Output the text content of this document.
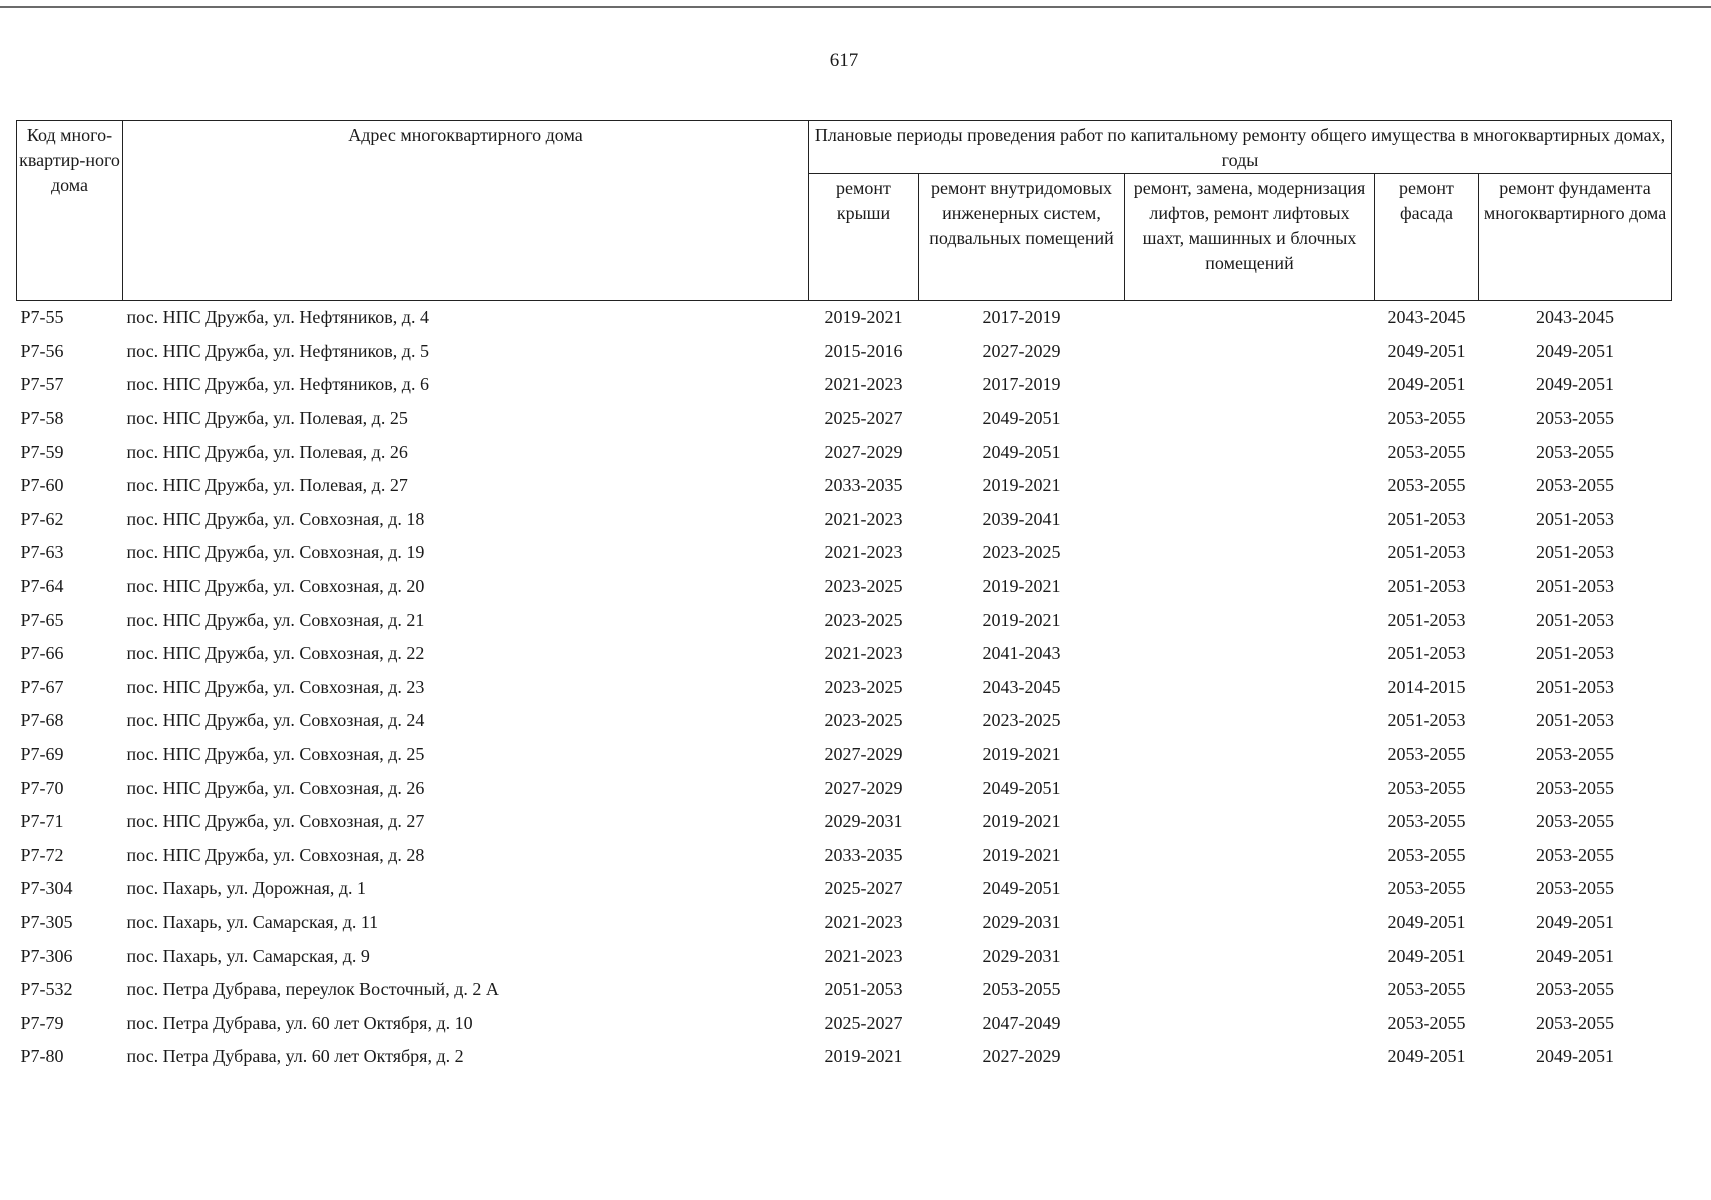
617
Код много-квартир-ного дома	Адрес многоквартирного дома	Плановые периоды проведения работ по капитальному ремонту общего имущества в многоквартирных домах, годы				
		ремонт крыши	ремонт внутридомовых инженерных систем, подвальных помещений	ремонт, замена, модернизация лифтов, ремонт лифтовых шахт, машинных и блочных помещений	ремонт фасада	ремонт фундамента многоквартирного дома
Р7-55	пос. НПС Дружба, ул. Нефтяников, д. 4	2019-2021	2017-2019		2043-2045	2043-2045
Р7-56	пос. НПС Дружба, ул. Нефтяников, д. 5	2015-2016	2027-2029		2049-2051	2049-2051
Р7-57	пос. НПС Дружба, ул. Нефтяников, д. 6	2021-2023	2017-2019		2049-2051	2049-2051
Р7-58	пос. НПС Дружба, ул. Полевая, д. 25	2025-2027	2049-2051		2053-2055	2053-2055
Р7-59	пос. НПС Дружба, ул. Полевая, д. 26	2027-2029	2049-2051		2053-2055	2053-2055
Р7-60	пос. НПС Дружба, ул. Полевая, д. 27	2033-2035	2019-2021		2053-2055	2053-2055
Р7-62	пос. НПС Дружба, ул. Совхозная, д. 18	2021-2023	2039-2041		2051-2053	2051-2053
Р7-63	пос. НПС Дружба, ул. Совхозная, д. 19	2021-2023	2023-2025		2051-2053	2051-2053
Р7-64	пос. НПС Дружба, ул. Совхозная, д. 20	2023-2025	2019-2021		2051-2053	2051-2053
Р7-65	пос. НПС Дружба, ул. Совхозная, д. 21	2023-2025	2019-2021		2051-2053	2051-2053
Р7-66	пос. НПС Дружба, ул. Совхозная, д. 22	2021-2023	2041-2043		2051-2053	2051-2053
Р7-67	пос. НПС Дружба, ул. Совхозная, д. 23	2023-2025	2043-2045		2014-2015	2051-2053
Р7-68	пос. НПС Дружба, ул. Совхозная, д. 24	2023-2025	2023-2025		2051-2053	2051-2053
Р7-69	пос. НПС Дружба, ул. Совхозная, д. 25	2027-2029	2019-2021		2053-2055	2053-2055
Р7-70	пос. НПС Дружба, ул. Совхозная, д. 26	2027-2029	2049-2051		2053-2055	2053-2055
Р7-71	пос. НПС Дружба, ул. Совхозная, д. 27	2029-2031	2019-2021		2053-2055	2053-2055
Р7-72	пос. НПС Дружба, ул. Совхозная, д. 28	2033-2035	2019-2021		2053-2055	2053-2055
Р7-304	пос. Пахарь, ул. Дорожная, д. 1	2025-2027	2049-2051		2053-2055	2053-2055
Р7-305	пос. Пахарь, ул. Самарская, д. 11	2021-2023	2029-2031		2049-2051	2049-2051
Р7-306	пос. Пахарь, ул. Самарская, д. 9	2021-2023	2029-2031		2049-2051	2049-2051
Р7-532	пос. Петра Дубрава, переулок Восточный, д. 2 А	2051-2053	2053-2055		2053-2055	2053-2055
Р7-79	пос. Петра Дубрава, ул. 60 лет Октября, д. 10	2025-2027	2047-2049		2053-2055	2053-2055
Р7-80	пос. Петра Дубрава, ул. 60 лет Октября, д. 2	2019-2021	2027-2029		2049-2051	2049-2051
